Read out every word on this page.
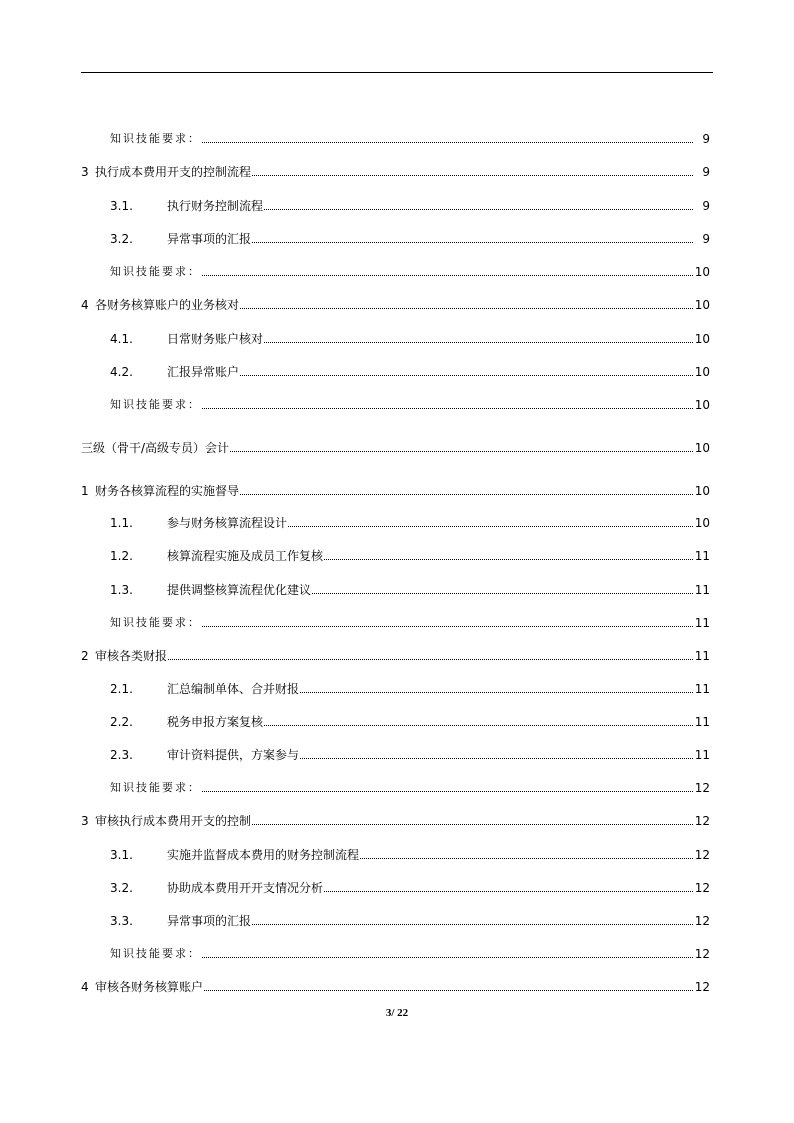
知识技能要求：	9
3 执行成本费用开支的控制流程	9
3.1.	执行财务控制流程	9
3.2.	异常事项的汇报	9
知识技能要求：	10
4 各财务核算账户的业务核对	10
4.1.	日常财务账户核对	10
4.2.	汇报异常账户	10
知识技能要求：	10
三级（骨干/高级专员）会计	10
1 财务各核算流程的实施督导	10
1.1.	参与财务核算流程设计	10
1.2.	核算流程实施及成员工作复核	11
1.3.	提供调整核算流程优化建议	11
知识技能要求：	11
2 审核各类财报	11
2.1.	汇总编制单体、合并财报	11
2.2.	税务申报方案复核	11
2.3.	审计资料提供，方案参与	11
知识技能要求：	12
3 审核执行成本费用开支的控制	12
3.1.	实施并监督成本费用的财务控制流程	12
3.2.	协助成本费用开开支情况分析	12
3.3.	异常事项的汇报	12
知识技能要求：	12
4 审核各财务核算账户	12
3/ 22
